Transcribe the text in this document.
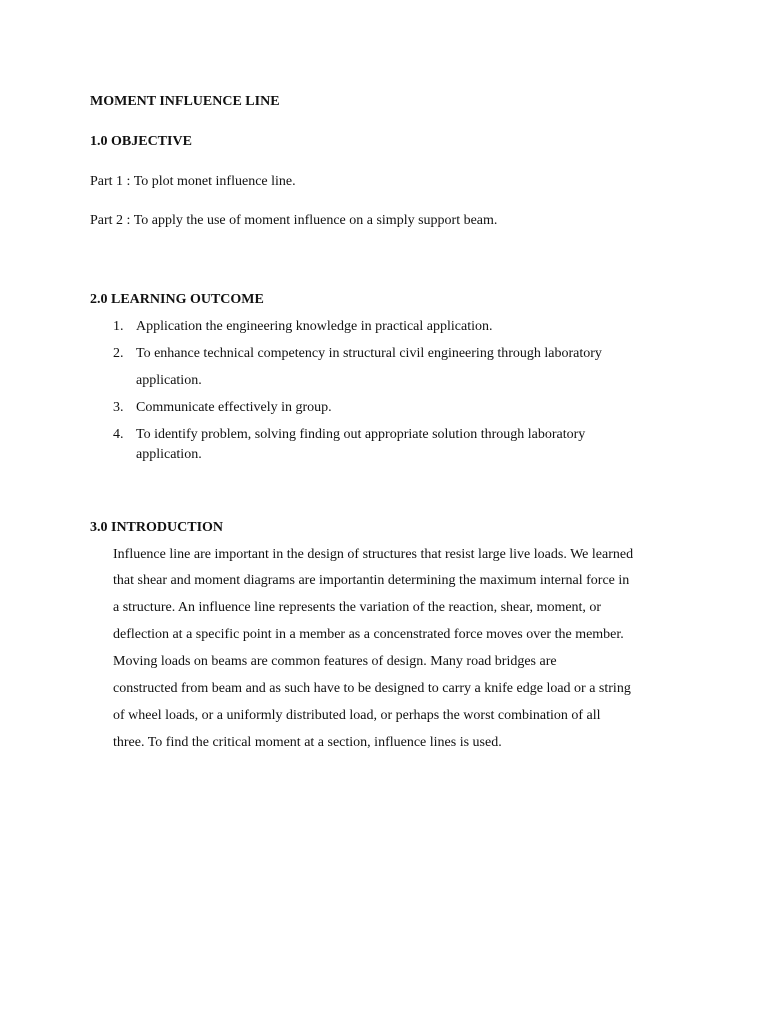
MOMENT INFLUENCE LINE
1.0 OBJECTIVE
Part 1 : To plot monet influence line.
Part 2 : To apply the use of moment influence on a simply support beam.
2.0 LEARNING OUTCOME
1. Application the engineering knowledge in practical application.
2. To enhance technical competency in structural civil engineering through laboratory
application.
3. Communicate effectively in group.
4. To identify problem, solving finding out appropriate solution through laboratory
application.
3.0 INTRODUCTION
Influence line are important in the design of structures that resist large live loads. We learned
that shear and moment diagrams are importantin determining the maximum internal force in
a structure. An influence line represents the variation of the reaction, shear, moment, or
deflection at a specific point in a member as a concenstrated force moves over the member.
Moving loads on beams are common features of design. Many road bridges are
constructed from beam and as such have to be designed to carry a knife edge load or a string
of wheel loads, or a uniformly distributed load, or perhaps the worst combination of all
three. To find the critical moment at a section, influence lines is used.
